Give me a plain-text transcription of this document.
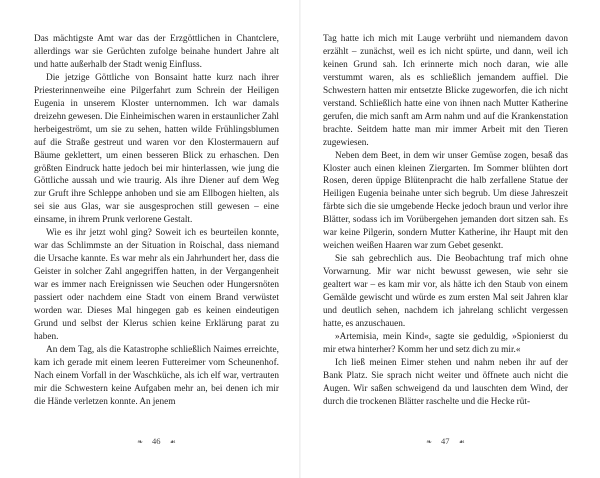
Das mächtigste Amt war das der Erzgöttlichen in Chantclere, allerdings war sie Gerüchten zufolge beinahe hundert Jahre alt und hatte außerhalb der Stadt wenig Einfluss.

Die jetzige Göttliche von Bonsaint hatte kurz nach ihrer Priesterinnenweihe eine Pilgerfahrt zum Schrein der Heiligen Eugenia in unserem Kloster unternommen. Ich war damals dreizehn gewesen. Die Einheimischen waren in erstaunlicher Zahl herbeigeströmt, um sie zu sehen, hatten wilde Frühlingsblumen auf die Straße gestreut und waren vor den Klostermauern auf Bäume geklettert, um einen besseren Blick zu erhaschen. Den größten Eindruck hatte jedoch bei mir hinterlassen, wie jung die Göttliche aussah und wie traurig. Als ihre Diener auf dem Weg zur Gruft ihre Schleppe anhoben und sie am Ellbogen hielten, als sei sie aus Glas, war sie ausgesprochen still gewesen – eine einsame, in ihrem Prunk verlorene Gestalt.

Wie es ihr jetzt wohl ging? Soweit ich es beurteilen konnte, war das Schlimmste an der Situation in Roischal, dass niemand die Ursache kannte. Es war mehr als ein Jahrhundert her, dass die Geister in solcher Zahl angegriffen hatten, in der Vergangenheit war es immer nach Ereignissen wie Seuchen oder Hungersnöten passiert oder nachdem eine Stadt von einem Brand verwüstet worden war. Dieses Mal hingegen gab es keinen eindeutigen Grund und selbst der Klerus schien keine Erklärung parat zu haben.

An dem Tag, als die Katastrophe schließlich Naimes erreichte, kam ich gerade mit einem leeren Futtereimer vom Scheunenhof. Nach einem Vorfall in der Waschküche, als ich elf war, vertrauten mir die Schwestern keine Aufgaben mehr an, bei denen ich mir die Hände verletzen konnte. An jenem

Tag hatte ich mich mit Lauge verbrüht und niemandem davon erzählt – zunächst, weil es ich nicht spürte, und dann, weil ich keinen Grund sah. Ich erinnerte mich noch daran, wie alle verstummt waren, als es schließlich jemandem auffiel. Die Schwestern hatten mir entsetzte Blicke zugeworfen, die ich nicht verstand. Schließlich hatte eine von ihnen nach Mutter Katherine gerufen, die mich sanft am Arm nahm und auf die Krankenstation brachte. Seitdem hatte man mir immer Arbeit mit den Tieren zugewiesen.

Neben dem Beet, in dem wir unser Gemüse zogen, besaß das Kloster auch einen kleinen Ziergarten. Im Sommer blühten dort Rosen, deren üppige Blütenpracht die halb zerfallene Statue der Heiligen Eugenia beinahe unter sich begrub. Um diese Jahreszeit färbte sich die sie umgebende Hecke jedoch braun und verlor ihre Blätter, sodass ich im Vorübergehen jemanden dort sitzen sah. Es war keine Pilgerin, sondern Mutter Katherine, ihr Haupt mit den weichen weißen Haaren war zum Gebet gesenkt.

Sie sah gebrechlich aus. Die Beobachtung traf mich ohne Vorwarnung. Mir war nicht bewusst gewesen, wie sehr sie gealtert war – es kam mir vor, als hätte ich den Staub von einem Gemälde gewischt und würde es zum ersten Mal seit Jahren klar und deutlich sehen, nachdem ich jahrelang schlicht vergessen hatte, es anzuschauen.

»Artemisia, mein Kind«, sagte sie geduldig, »Spionierst du mir etwa hinterher? Komm her und setz dich zu mir.«

Ich ließ meinen Eimer stehen und nahm neben ihr auf der Bank Platz. Sie sprach nicht weiter und öffnete auch nicht die Augen. Wir saßen schweigend da und lauschten dem Wind, der durch die trockenen Blätter raschelte und die Hecke rüt-

❧ 46 ☙	❧ 47 ☙
